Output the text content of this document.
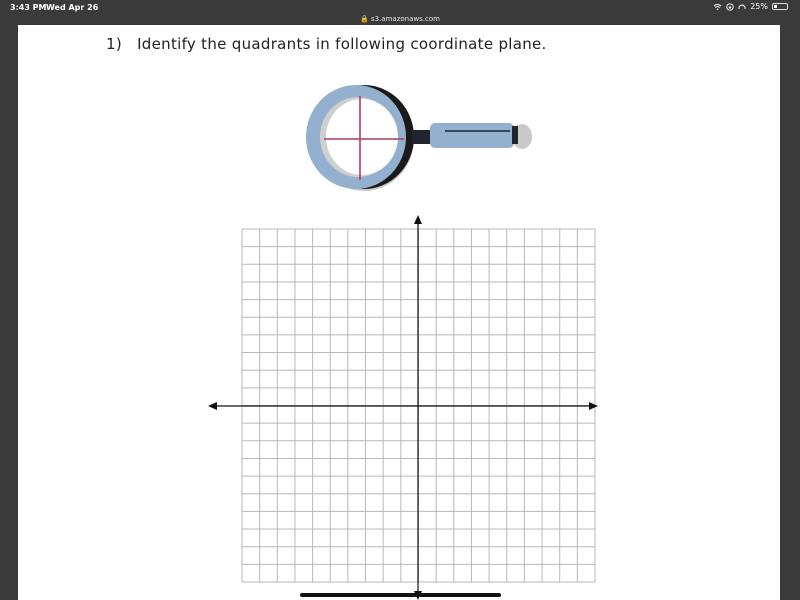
3:43 PM Wed Apr 26	25%
🔒 s3.amazonaws.com
1) Identify the quadrants in following coordinate plane.
